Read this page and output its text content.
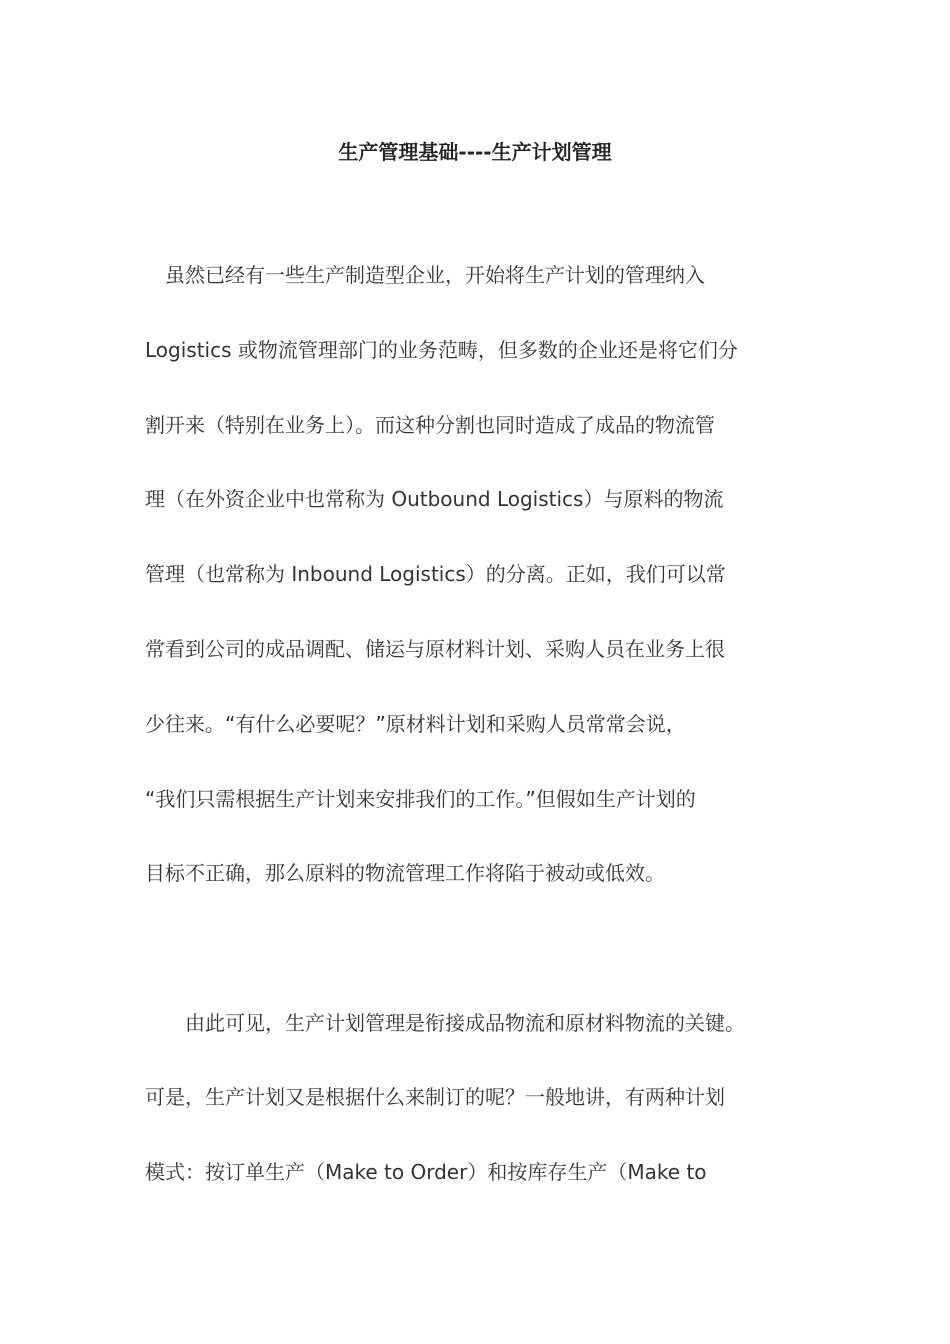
生产管理基础----生产计划管理
　虽然已经有一些生产制造型企业，开始将生产计划的管理纳入
Logistics 或物流管理部门的业务范畴，但多数的企业还是将它们分
割开来（特别在业务上）。而这种分割也同时造成了成品的物流管
理（在外资企业中也常称为 Outbound Logistics）与原料的物流
管理（也常称为 Inbound Logistics）的分离。正如，我们可以常
常看到公司的成品调配、储运与原材料计划、采购人员在业务上很
少往来。“有什么必要呢？”原材料计划和采购人员常常会说，
“我们只需根据生产计划来安排我们的工作。”但假如生产计划的
目标不正确，那么原料的物流管理工作将陷于被动或低效。
　　由此可见，生产计划管理是衔接成品物流和原材料物流的关键。
可是，生产计划又是根据什么来制订的呢？一般地讲，有两种计划
模式：按订单生产（Make to Order）和按库存生产（Make to
